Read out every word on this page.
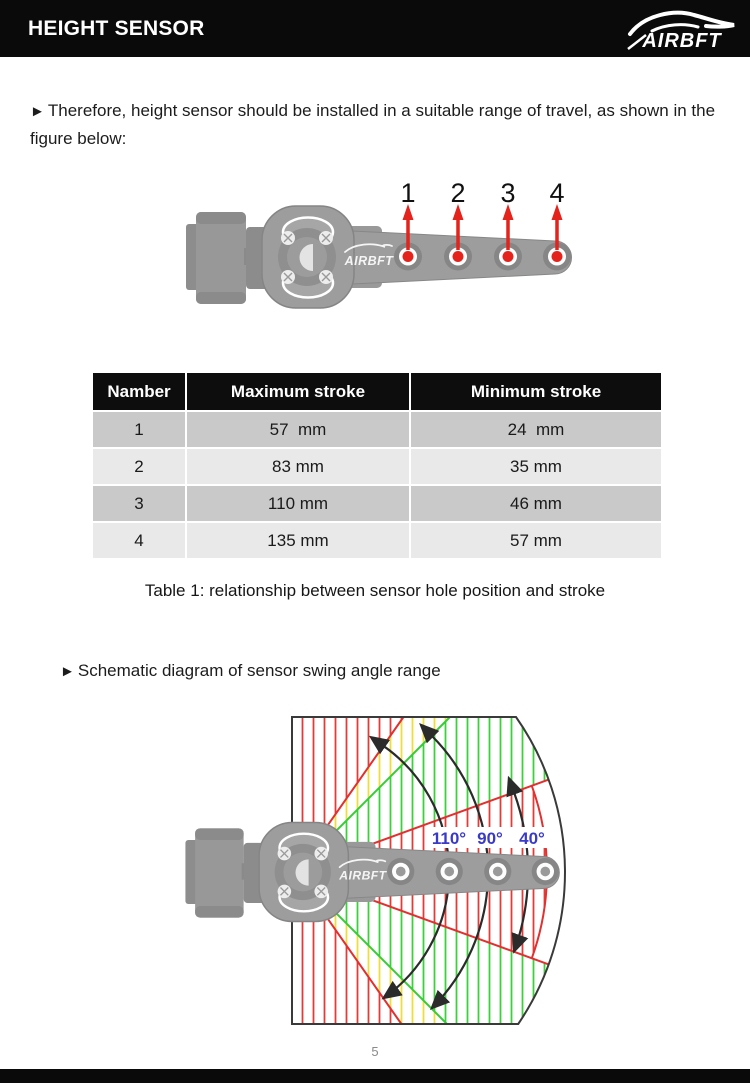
HEIGHT SENSOR
AIRBFT
► Therefore, height sensor should be installed in a suitable range of travel, as shown in the figure below:
1 2 3 4
Namber	Maximum stroke	Minimum stroke
1	57  mm	24  mm
2	83 mm	35 mm
3	110 mm	46 mm
4	135 mm	57 mm
Table 1: relationship between sensor hole position and stroke
► Schematic diagram of sensor swing angle range
110° 90° 40°
5
